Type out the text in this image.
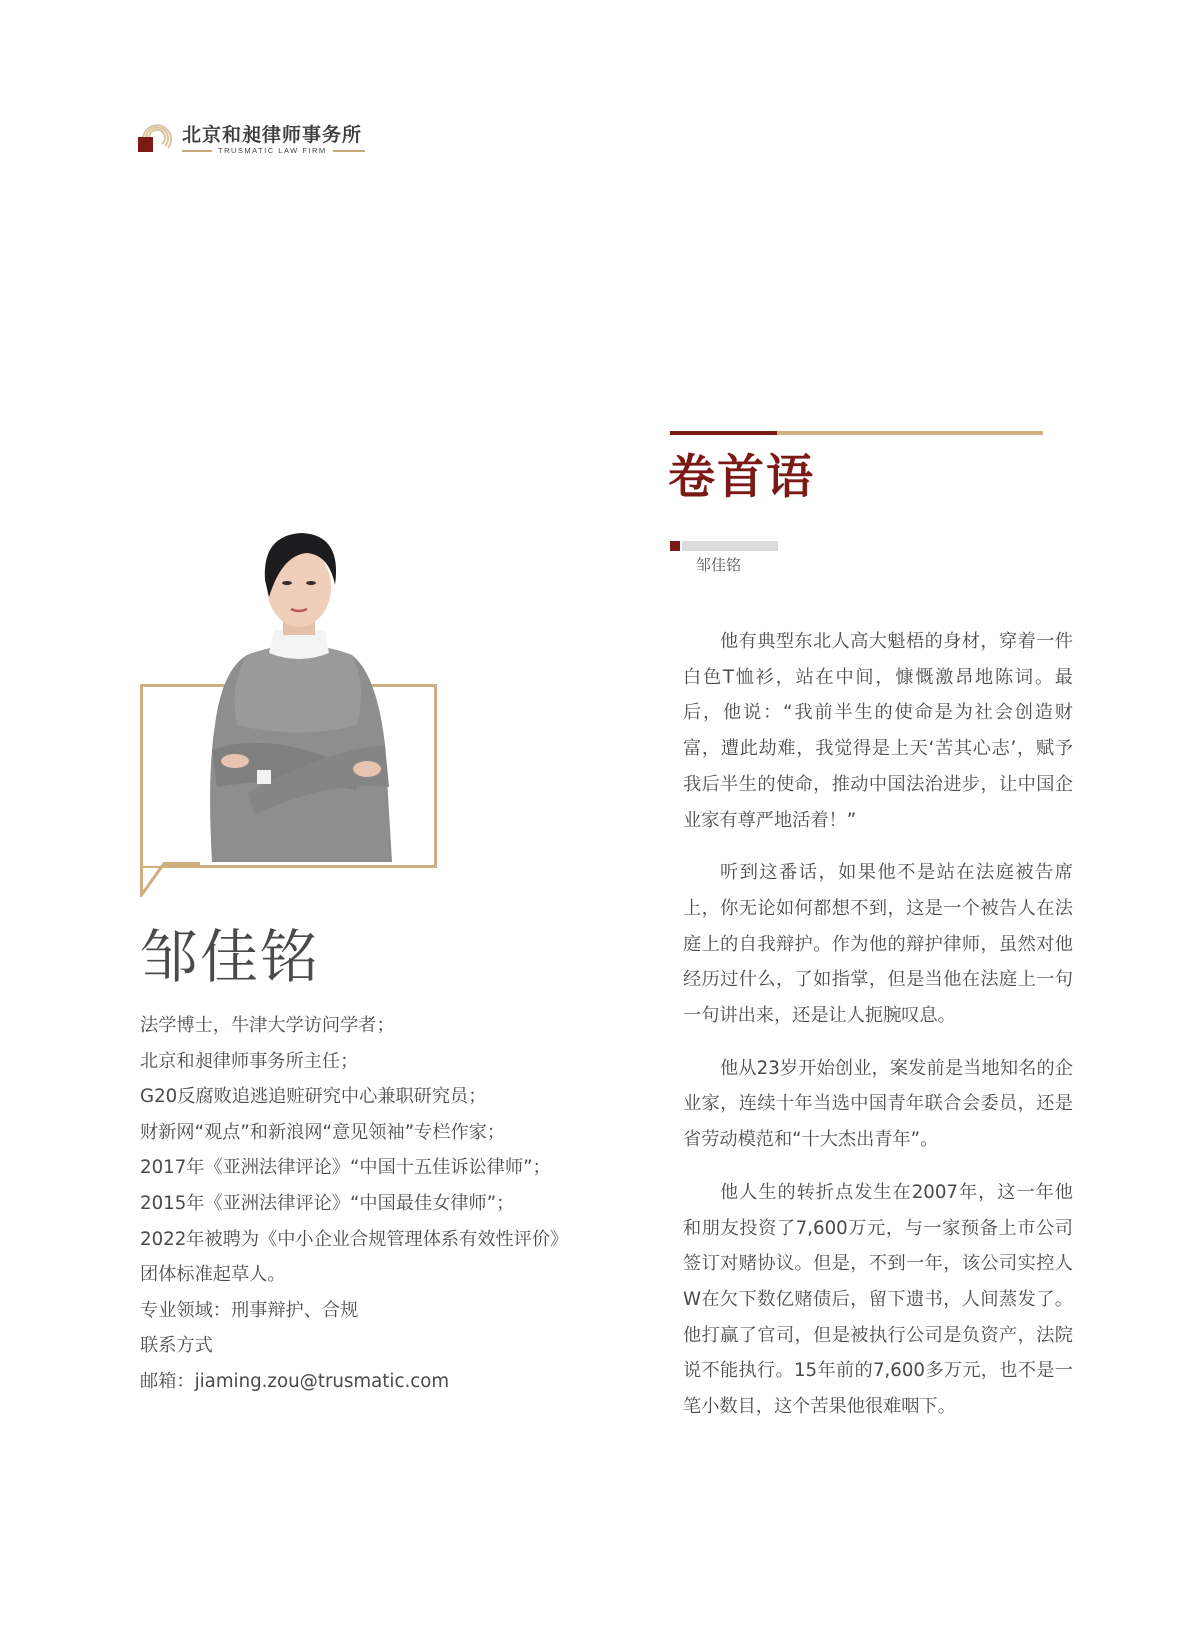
北京和昶律师事务所
TRUSMATIC LAW FIRM
卷首语
邹佳铭

他有典型东北人高大魁梧的身材，穿着一件白色T恤衫，站在中间，慷慨激昂地陈词。最后，他说：“我前半生的使命是为社会创造财富，遭此劫难，我觉得是上天‘苦其心志’，赋予我后半生的使命，推动中国法治进步，让中国企业家有尊严地活着！”

听到这番话，如果他不是站在法庭被告席上，你无论如何都想不到，这是一个被告人在法庭上的自我辩护。作为他的辩护律师，虽然对他经历过什么，了如指掌，但是当他在法庭上一句一句讲出来，还是让人扼腕叹息。

他从23岁开始创业，案发前是当地知名的企业家，连续十年当选中国青年联合会委员，还是省劳动模范和“十大杰出青年”。

他人生的转折点发生在2007年，这一年他和朋友投资了7,600万元，与一家预备上市公司签订对赌协议。但是，不到一年，该公司实控人W在欠下数亿赌债后，留下遗书，人间蒸发了。他打赢了官司，但是被执行公司是负资产，法院说不能执行。15年前的7,600多万元，也不是一笔小数目，这个苦果他很难咽下。

邹佳铭
法学博士，牛津大学访问学者；
北京和昶律师事务所主任；
G20反腐败追逃追赃研究中心兼职研究员；
财新网“观点”和新浪网“意见领袖”专栏作家；
2017年《亚洲法律评论》“中国十五佳诉讼律师”；
2015年《亚洲法律评论》“中国最佳女律师”；
2022年被聘为《中小企业合规管理体系有效性评价》
团体标准起草人。
专业领域：刑事辩护、合规
联系方式
邮箱：jiaming.zou@trusmatic.com
